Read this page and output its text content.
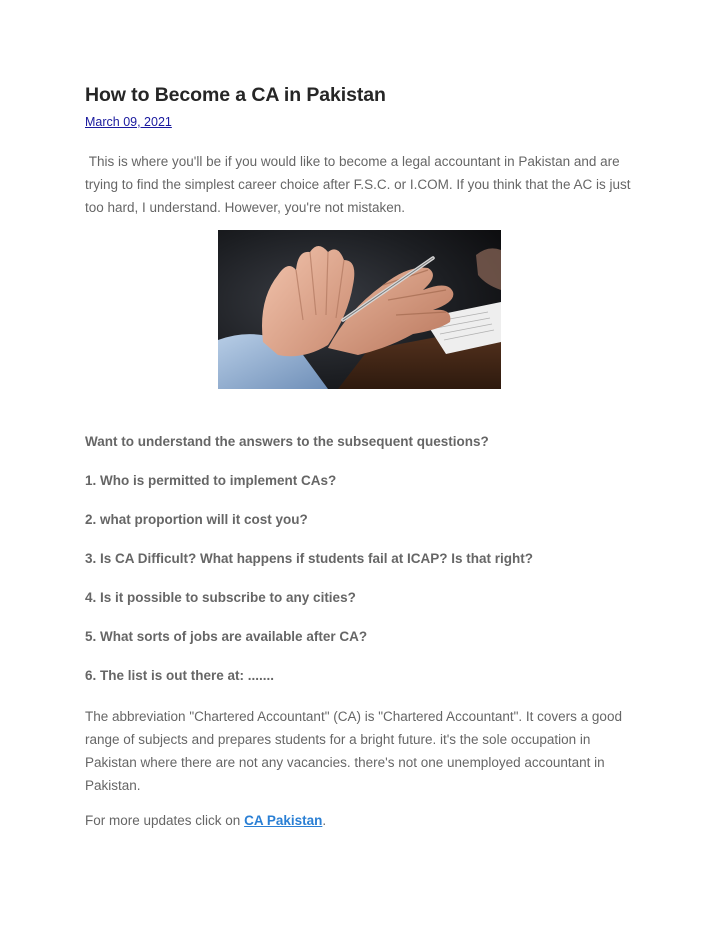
How to Become a CA in Pakistan
March 09, 2021

This is where you'll be if you would like to become a legal accountant in Pakistan and are trying to find the simplest career choice after F.S.C. or I.COM. If you think that the AC is just too hard, I understand. However, you're not mistaken.

Want to understand the answers to the subsequent questions?

1. Who is permitted to implement CAs?

2. what proportion will it cost you?

3. Is CA Difficult? What happens if students fail at ICAP? Is that right?

4. Is it possible to subscribe to any cities?

5. What sorts of jobs are available after CA?

6. The list is out there at: .......

The abbreviation "Chartered Accountant" (CA) is "Chartered Accountant". It covers a good range of subjects and prepares students for a bright future. it's the sole occupation in Pakistan where there are not any vacancies. there's not one unemployed accountant in Pakistan.

For more updates click on CA Pakistan.
